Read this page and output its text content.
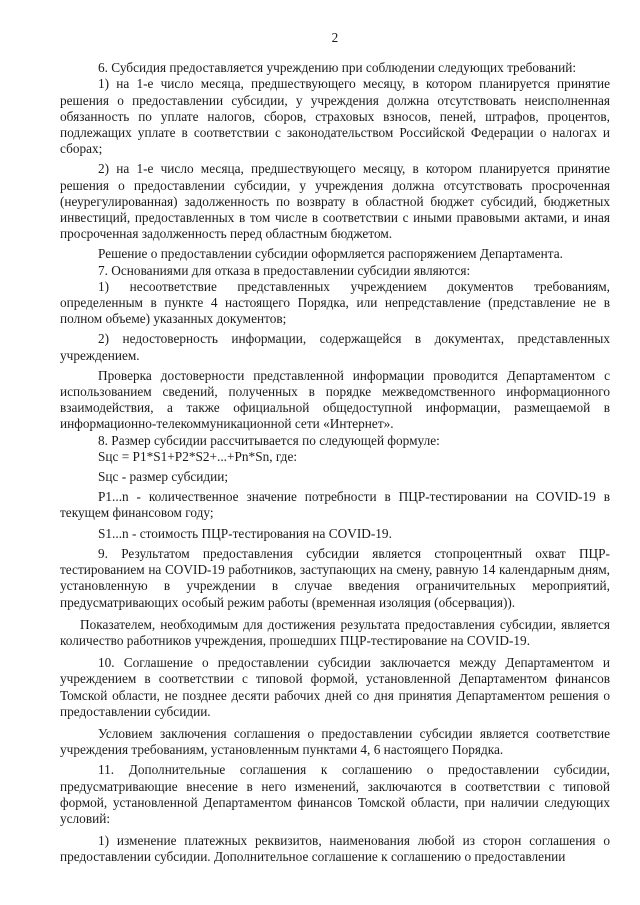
2

6. Субсидия предоставляется учреждению при соблюдении следующих требований:

1) на 1-е число месяца, предшествующего месяцу, в котором планируется принятие решения о предоставлении субсидии, у учреждения должна отсутствовать неисполненная обязанность по уплате налогов, сборов, страховых взносов, пеней, штрафов, процентов, подлежащих уплате в соответствии с законодательством Российской Федерации о налогах и сборах;

2) на 1-е число месяца, предшествующего месяцу, в котором планируется принятие решения о предоставлении субсидии, у учреждения должна отсутствовать просроченная (неурегулированная) задолженность по возврату в областной бюджет субсидий, бюджетных инвестиций, предоставленных в том числе в соответствии с иными правовыми актами, и иная просроченная задолженность перед областным бюджетом.

Решение о предоставлении субсидии оформляется распоряжением Департамента.

7. Основаниями для отказа в предоставлении субсидии являются:

1) несоответствие представленных учреждением документов требованиям, определенным в пункте 4 настоящего Порядка, или непредставление (представление не в полном объеме) указанных документов;

2) недостоверность информации, содержащейся в документах, представленных учреждением.

Проверка достоверности представленной информации проводится Департаментом с использованием сведений, полученных в порядке межведомственного информационного взаимодействия, а также официальной общедоступной информации, размещаемой в информационно-телекоммуникационной сети «Интернет».

8. Размер субсидии рассчитывается по следующей формуле:

Sцс = P1*S1+P2*S2+...+Pn*Sn, где:

Sцс - размер субсидии;

P1...n - количественное значение потребности в ПЦР-тестировании на COVID-19 в текущем финансовом году;

S1...n - стоимость ПЦР-тестирования на COVID-19.

9. Результатом предоставления субсидии является стопроцентный охват ПЦР-тестированием на COVID-19 работников, заступающих на смену, равную 14 календарным дням, установленную в учреждении в случае введения ограничительных мероприятий, предусматривающих особый режим работы (временная изоляция (обсервация)).

Показателем, необходимым для достижения результата предоставления субсидии, является количество работников учреждения, прошедших ПЦР-тестирование на COVID-19.

10. Соглашение о предоставлении субсидии заключается между Департаментом и учреждением в соответствии с типовой формой, установленной Департаментом финансов Томской области, не позднее десяти рабочих дней со дня принятия Департаментом решения о предоставлении субсидии.

Условием заключения соглашения о предоставлении субсидии является соответствие учреждения требованиям, установленным пунктами 4, 6 настоящего Порядка.

11. Дополнительные соглашения к соглашению о предоставлении субсидии, предусматривающие внесение в него изменений, заключаются в соответствии с типовой формой, установленной Департаментом финансов Томской области, при наличии следующих условий:

1) изменение платежных реквизитов, наименования любой из сторон соглашения о предоставлении субсидии. Дополнительное соглашение к соглашению о предоставлении
